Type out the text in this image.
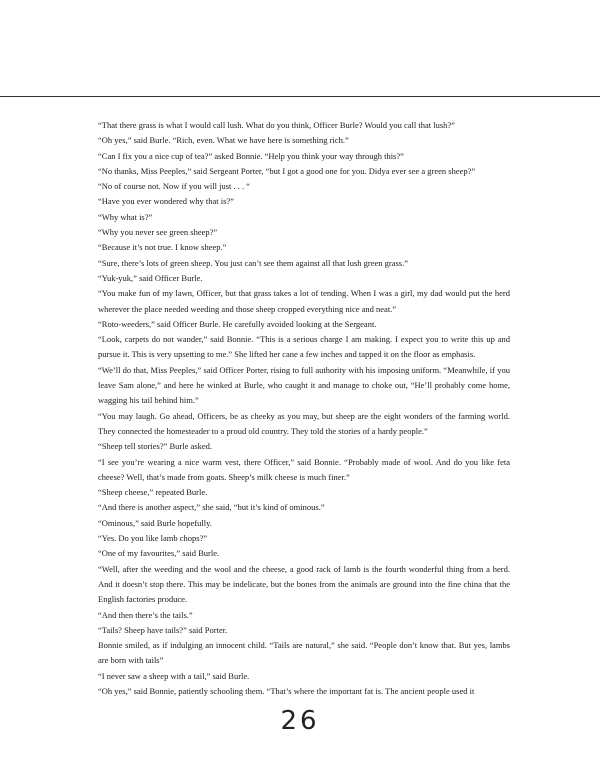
“That there grass is what I would call lush. What do you think, Officer Burle? Would you call that lush?”

“Oh yes,” said Burle. “Rich, even. What we have here is something rich.”

“Can I fix you a nice cup of tea?” asked Bonnie. “Help you think your way through this?”

“No thanks, Miss Peeples,” said Sergeant Porter, “but I got a good one for you. Didya ever see a green sheep?”

“No of course not. Now if you will just . . . “

“Have you ever wondered why that is?”

“Why what is?”

“Why you never see green sheep?”

“Because it’s not true. I know sheep.”

“Sure, there’s lots of green sheep. You just can’t see them against all that lush green grass.”

“Yuk-yuk,” said Officer Burle.

“You make fun of my lawn, Officer, but that grass takes a lot of tending. When I was a girl, my dad would put the herd wherever the place needed weeding and those sheep cropped everything nice and neat.”

“Roto-weeders,” said Officer Burle. He carefully avoided looking at the Sergeant.

“Look, carpets do not wander,” said Bonnie. “This is a serious charge I am making. I expect you to write this up and pursue it. This is very upsetting to me.” She lifted her cane a few inches and tapped it on the floor as emphasis.

“We’ll do that, Miss Peeples,” said Officer Porter, rising to full authority with his imposing uniform. “Meanwhile, if you leave Sam alone,” and here he winked at Burle, who caught it and manage to choke out, “He’ll probably come home, wagging his tail behind him.”

“You may laugh. Go ahead, Officers, be as cheeky as you may, but sheep are the eight wonders of the farming world. They connected the homesteader to a proud old country. They told the stories of a hardy people.”

“Sheep tell stories?” Burle asked.

“I see you’re wearing a nice warm vest, there Officer,” said Bonnie. “Probably made of wool. And do you like feta cheese? Well, that’s made from goats. Sheep’s milk cheese is much finer.”

“Sheep cheese,” repeated Burle.

“And there is another aspect,” she said, “but it’s kind of ominous.”

“Ominous,” said Burle hopefully.

“Yes. Do you like lamb chops?”

“One of my favourites,” said Burle.

“Well, after the weeding and the wool and the cheese, a good rack of lamb is the fourth wonderful thing from a herd. And it doesn’t stop there. This may be indelicate, but the bones from the animals are ground into the fine china that the English factories produce.

“And then there’s the tails.”

“Tails? Sheep have tails?” said Porter.

Bonnie smiled, as if indulging an innocent child. “Tails are natural,” she said. “People don’t know that. But yes, lambs are born with tails”

“I never saw a sheep with a tail,” said Burle.

“Oh yes,” said Bonnie, patiently schooling them. “That’s where the important fat is. The ancient people used it

26
